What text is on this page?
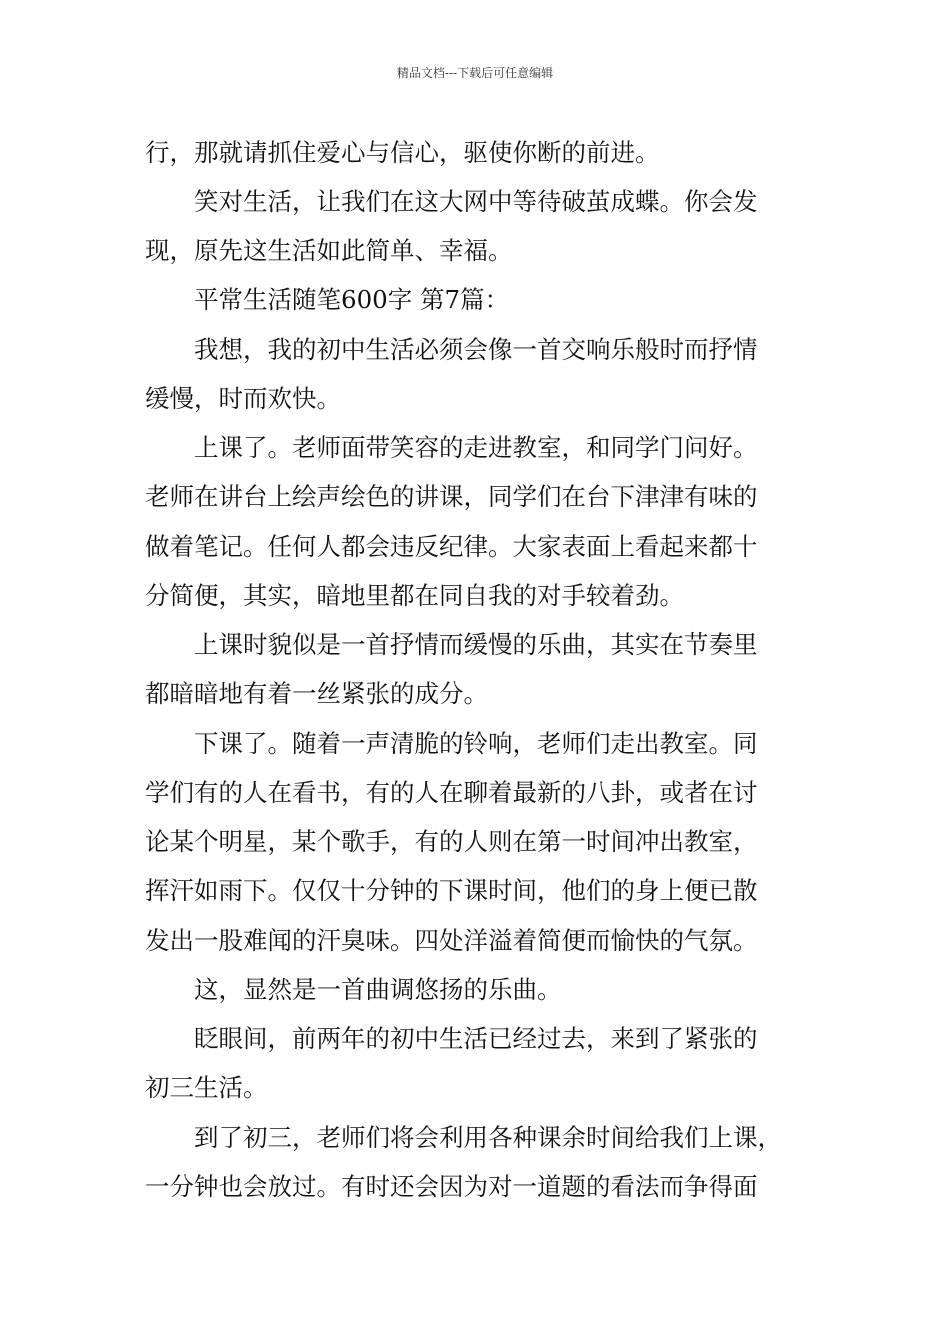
精品文档---下载后可任意编辑
行，那就请抓住爱心与信心，驱使你断的前进。
　　笑对生活，让我们在这大网中等待破茧成蝶。你会发
现，原先这生活如此简单、幸福。
　　平常生活随笔600字 第7篇：
　　我想，我的初中生活必须会像一首交响乐般时而抒情
缓慢，时而欢快。
　　上课了。老师面带笑容的走进教室，和同学门问好。
老师在讲台上绘声绘色的讲课，同学们在台下津津有味的
做着笔记。任何人都会违反纪律。大家表面上看起来都十
分简便，其实，暗地里都在同自我的对手较着劲。
　　上课时貌似是一首抒情而缓慢的乐曲，其实在节奏里
都暗暗地有着一丝紧张的成分。
　　下课了。随着一声清脆的铃响，老师们走出教室。同
学们有的人在看书，有的人在聊着最新的八卦，或者在讨
论某个明星，某个歌手，有的人则在第一时间冲出教室，
挥汗如雨下。仅仅十分钟的下课时间，他们的身上便已散
发出一股难闻的汗臭味。四处洋溢着简便而愉快的气氛。
　　这，显然是一首曲调悠扬的乐曲。
　　眨眼间，前两年的初中生活已经过去，来到了紧张的
初三生活。
　　到了初三，老师们将会利用各种课余时间给我们上课，
一分钟也会放过。有时还会因为对一道题的看法而争得面
